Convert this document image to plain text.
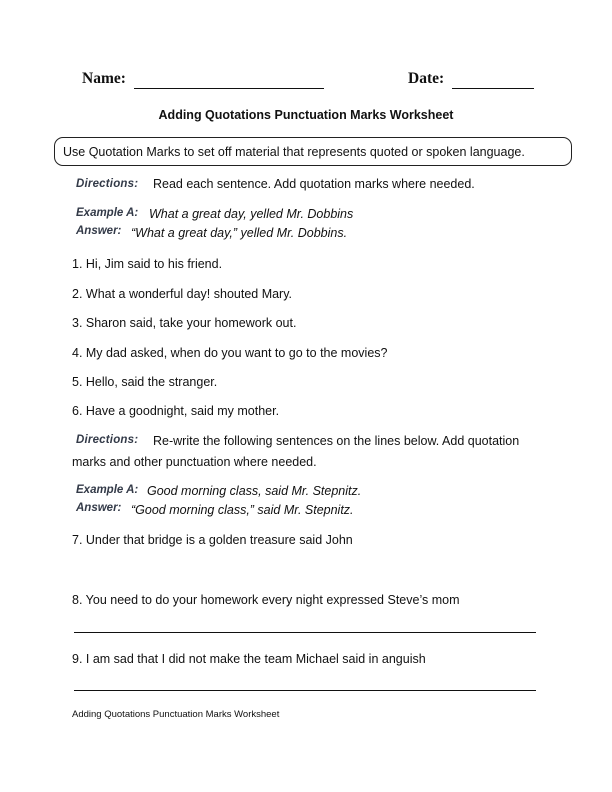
Name:	Date:
Adding Quotations Punctuation Marks Worksheet
Use Quotation Marks to set off material that represents quoted or spoken language.
Directions: Read each sentence. Add quotation marks where needed.
Example A: What a great day, yelled Mr. Dobbins
Answer: “What a great day,” yelled Mr. Dobbins.
1. Hi, Jim said to his friend.
2. What a wonderful day! shouted Mary.
3. Sharon said, take your homework out.
4. My dad asked, when do you want to go to the movies?
5. Hello, said the stranger.
6. Have a goodnight, said my mother.
Directions: Re-write the following sentences on the lines below. Add quotation
marks and other punctuation where needed.
Example A: Good morning class, said Mr. Stepnitz.
Answer: “Good morning class,” said Mr. Stepnitz.
7. Under that bridge is a golden treasure said John
8. You need to do your homework every night expressed Steve’s mom
9. I am sad that I did not make the team Michael said in anguish
Adding Quotations Punctuation Marks Worksheet
